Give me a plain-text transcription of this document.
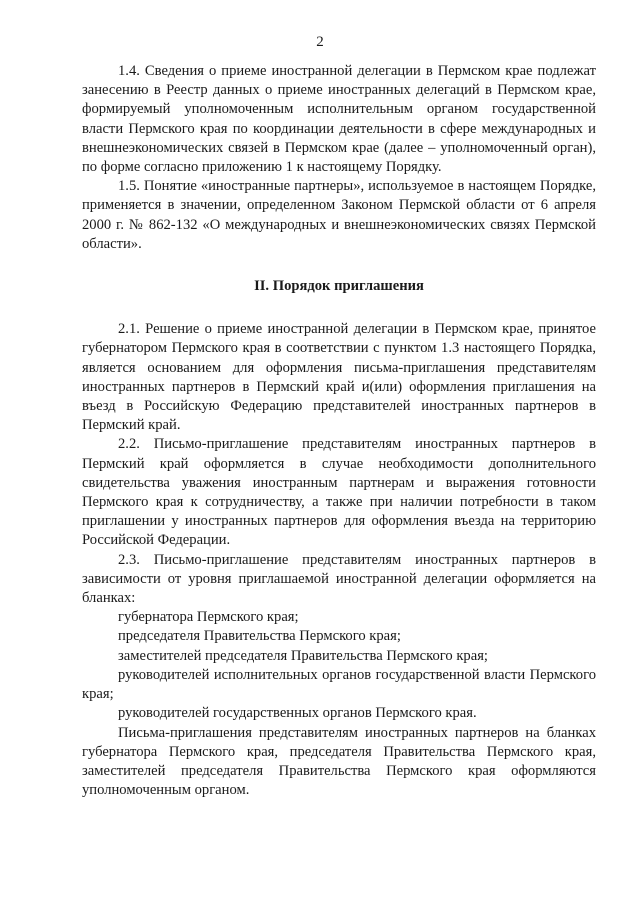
2

1.4. Сведения о приеме иностранной делегации в Пермском крае подлежат занесению в Реестр данных о приеме иностранных делегаций в Пермском крае, формируемый уполномоченным исполнительным органом государственной власти Пермского края по координации деятельности в сфере международных и внешнеэкономических связей в Пермском крае (далее – уполномоченный орган), по форме согласно приложению 1 к настоящему Порядку.

1.5. Понятие «иностранные партнеры», используемое в настоящем Порядке, применяется в значении, определенном Законом Пермской области от 6 апреля 2000 г. № 862-132 «О международных и внешнеэкономических связях Пермской области».

II. Порядок приглашения

2.1. Решение о приеме иностранной делегации в Пермском крае, принятое губернатором Пермского края в соответствии с пунктом 1.3 настоящего Порядка, является основанием для оформления письма-приглашения представителям иностранных партнеров в Пермский край и(или) оформления приглашения на въезд в Российскую Федерацию представителей иностранных партнеров в Пермский край.

2.2. Письмо-приглашение представителям иностранных партнеров в Пермский край оформляется в случае необходимости дополнительного свидетельства уважения иностранным партнерам и выражения готовности Пермского края к сотрудничеству, а также при наличии потребности в таком приглашении у иностранных партнеров для оформления въезда на территорию Российской Федерации.

2.3. Письмо-приглашение представителям иностранных партнеров в зависимости от уровня приглашаемой иностранной делегации оформляется на бланках:

губернатора Пермского края;

председателя Правительства Пермского края;

заместителей председателя Правительства Пермского края;

руководителей исполнительных органов государственной власти Пермского края;

руководителей государственных органов Пермского края.

Письма-приглашения представителям иностранных партнеров на бланках губернатора Пермского края, председателя Правительства Пермского края, заместителей председателя Правительства Пермского края оформляются уполномоченным органом.
